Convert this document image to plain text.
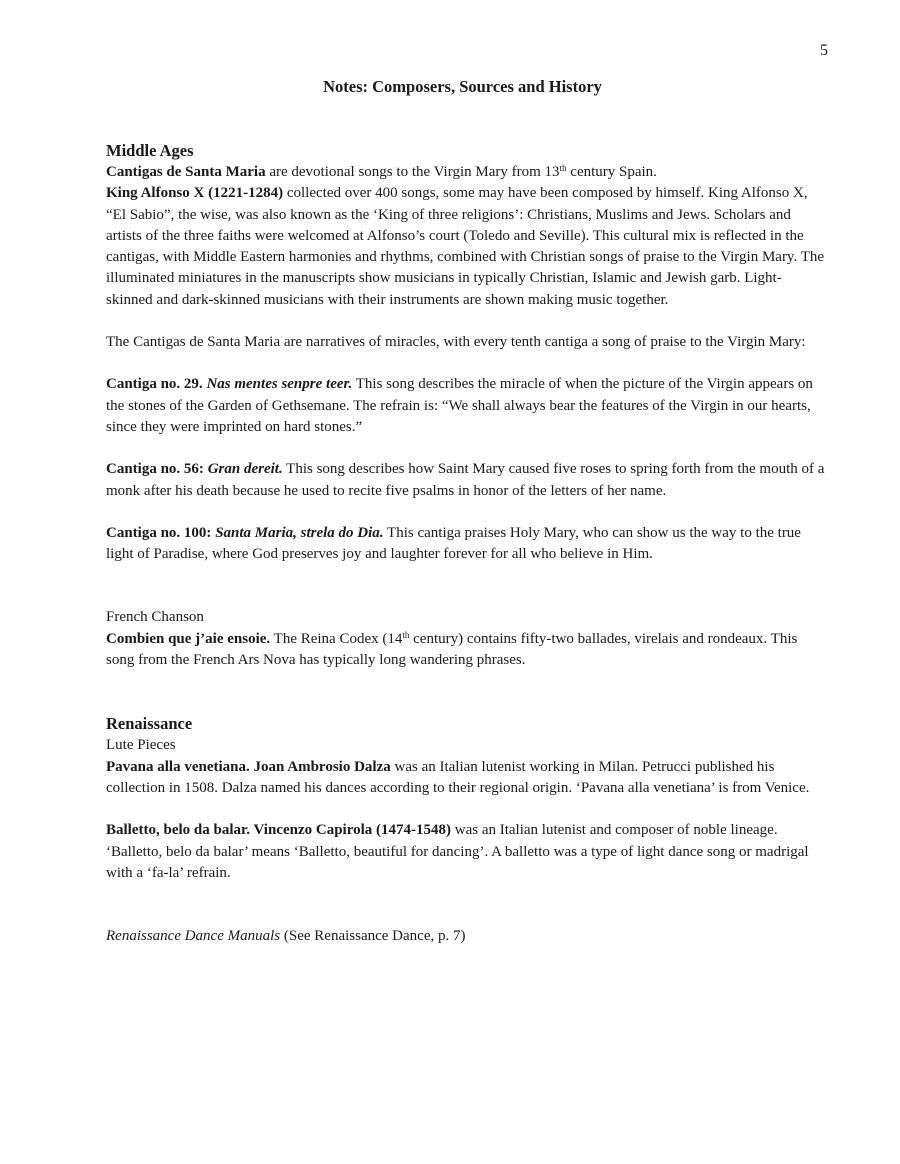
5
Notes: Composers, Sources and History

Middle Ages

Cantigas de Santa Maria are devotional songs to the Virgin Mary from 13th century Spain.

King Alfonso X (1221-1284) collected over 400 songs, some may have been composed by himself. King Alfonso X, “El Sabio”, the wise, was also known as the ‘King of three religions’: Christians, Muslims and Jews. Scholars and artists of the three faiths were welcomed at Alfonso’s court (Toledo and Seville). This cultural mix is reflected in the cantigas, with Middle Eastern harmonies and rhythms, combined with Christian songs of praise to the Virgin Mary. The illuminated miniatures in the manuscripts show musicians in typically Christian, Islamic and Jewish garb. Light-skinned and dark-skinned musicians with their instruments are shown making music together.

The Cantigas de Santa Maria are narratives of miracles, with every tenth cantiga a song of praise to the Virgin Mary:

Cantiga no. 29. Nas mentes senpre teer. This song describes the miracle of when the picture of the Virgin appears on the stones of the Garden of Gethsemane. The refrain is: “We shall always bear the features of the Virgin in our hearts, since they were imprinted on hard stones.”

Cantiga no. 56: Gran dereit. This song describes how Saint Mary caused five roses to spring forth from the mouth of a monk after his death because he used to recite five psalms in honor of the letters of her name.

Cantiga no. 100: Santa Maria, strela do Dia. This cantiga praises Holy Mary, who can show us the way to the true light of Paradise, where God preserves joy and laughter forever for all who believe in Him.

French Chanson

Combien que j’aie ensoie. The Reina Codex (14th century) contains fifty-two ballades, virelais and rondeaux. This song from the French Ars Nova has typically long wandering phrases.

Renaissance

Lute Pieces

Pavana alla venetiana. Joan Ambrosio Dalza was an Italian lutenist working in Milan. Petrucci published his collection in 1508. Dalza named his dances according to their regional origin. ‘Pavana alla venetiana’ is from Venice.

Balletto, belo da balar. Vincenzo Capirola (1474-1548) was an Italian lutenist and composer of noble lineage. ‘Balletto, belo da balar’ means ‘Balletto, beautiful for dancing’. A balletto was a type of light dance song or madrigal with a ‘fa-la’ refrain.

Renaissance Dance Manuals (See Renaissance Dance, p. 7)
